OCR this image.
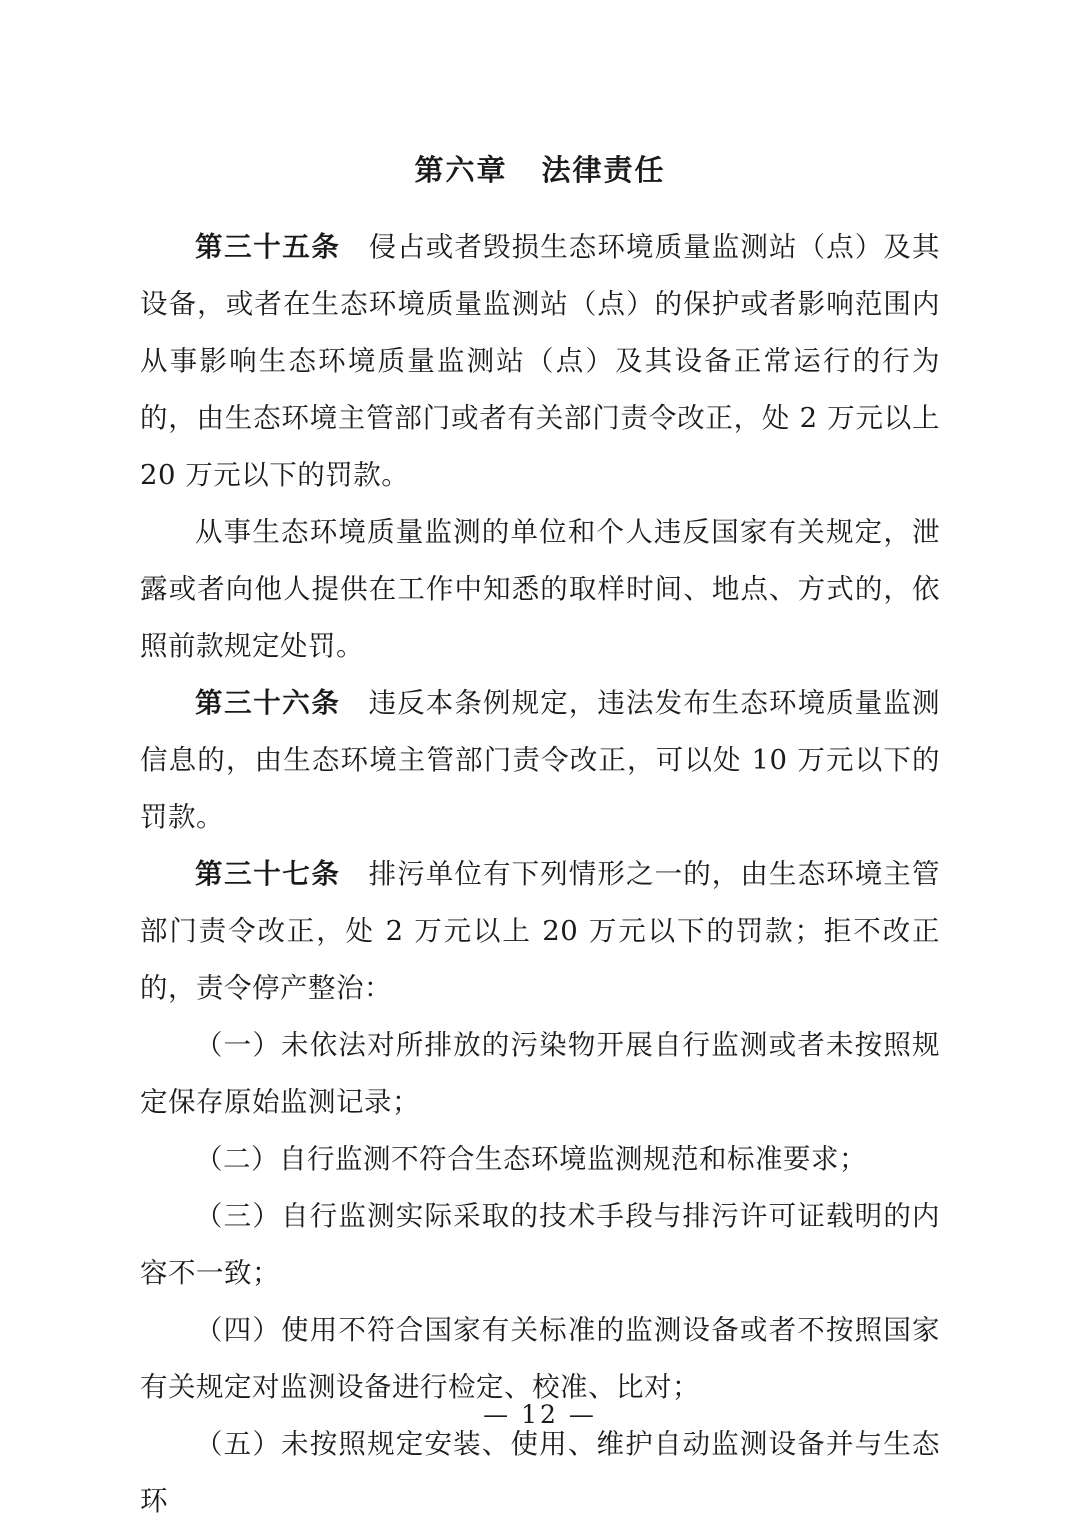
第六章 法律责任

第三十五条 侵占或者毁损生态环境质量监测站（点）及其设备，或者在生态环境质量监测站（点）的保护或者影响范围内从事影响生态环境质量监测站（点）及其设备正常运行的行为的，由生态环境主管部门或者有关部门责令改正，处 2 万元以上 20 万元以下的罚款。

从事生态环境质量监测的单位和个人违反国家有关规定，泄露或者向他人提供在工作中知悉的取样时间、地点、方式的，依照前款规定处罚。

第三十六条 违反本条例规定，违法发布生态环境质量监测信息的，由生态环境主管部门责令改正，可以处 10 万元以下的罚款。

第三十七条 排污单位有下列情形之一的，由生态环境主管部门责令改正，处 2 万元以上 20 万元以下的罚款；拒不改正的，责令停产整治：

（一）未依法对所排放的污染物开展自行监测或者未按照规定保存原始监测记录；

（二）自行监测不符合生态环境监测规范和标准要求；

（三）自行监测实际采取的技术手段与排污许可证载明的内容不一致；

（四）使用不符合国家有关标准的监测设备或者不按照国家有关规定对监测设备进行检定、校准、比对；

（五）未按照规定安装、使用、维护自动监测设备并与生态环

— 12 —
